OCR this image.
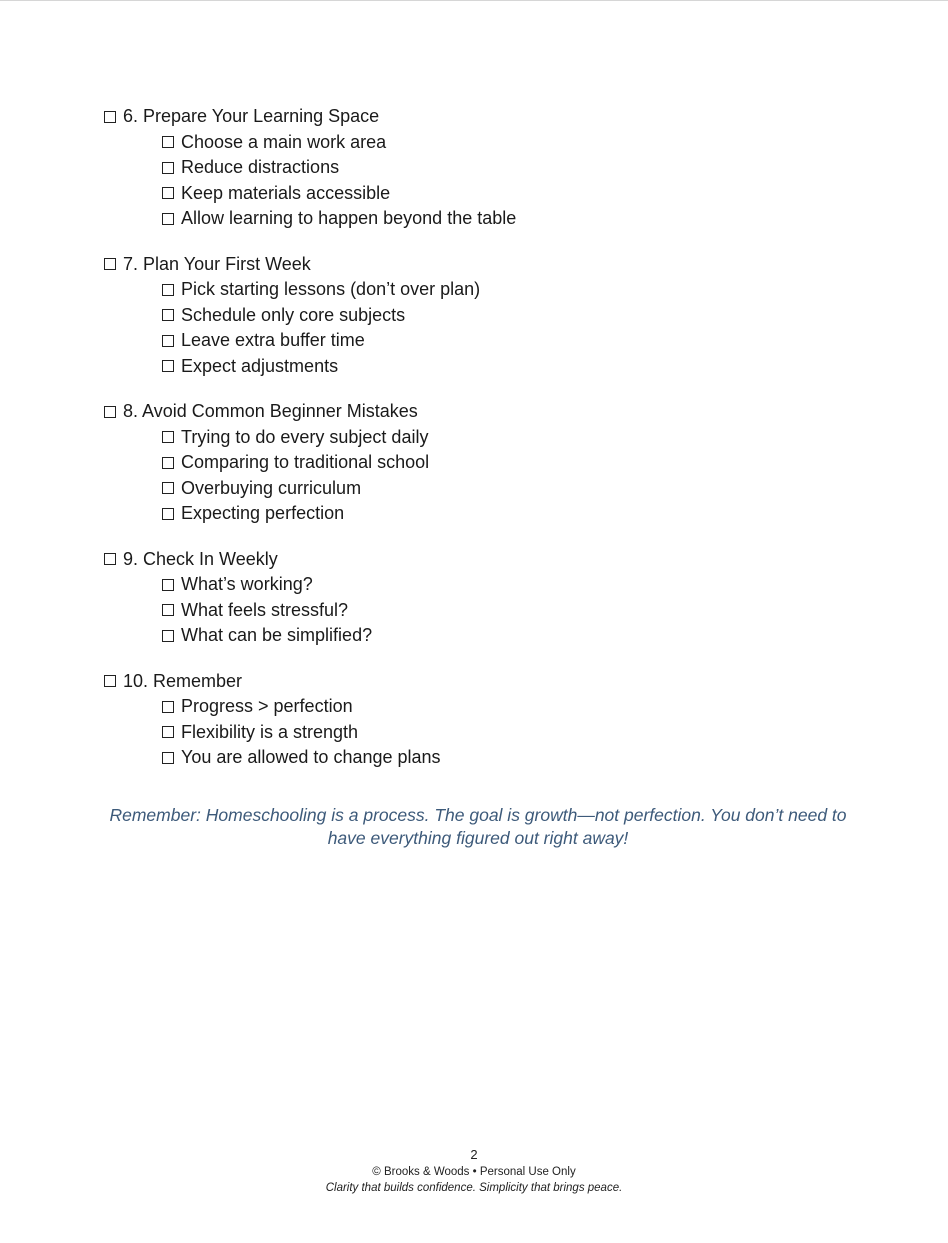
6. Prepare Your Learning Space
Choose a main work area
Reduce distractions
Keep materials accessible
Allow learning to happen beyond the table
7. Plan Your First Week
Pick starting lessons (don’t over plan)
Schedule only core subjects
Leave extra buffer time
Expect adjustments
8. Avoid Common Beginner Mistakes
Trying to do every subject daily
Comparing to traditional school
Overbuying curriculum
Expecting perfection
9. Check In Weekly
What’s working?
What feels stressful?
What can be simplified?
10. Remember
Progress > perfection
Flexibility is a strength
You are allowed to change plans
Remember: Homeschooling is a process. The goal is growth—not perfection. You don’t need to have everything figured out right away!
2
© Brooks & Woods • Personal Use Only
Clarity that builds confidence. Simplicity that brings peace.
